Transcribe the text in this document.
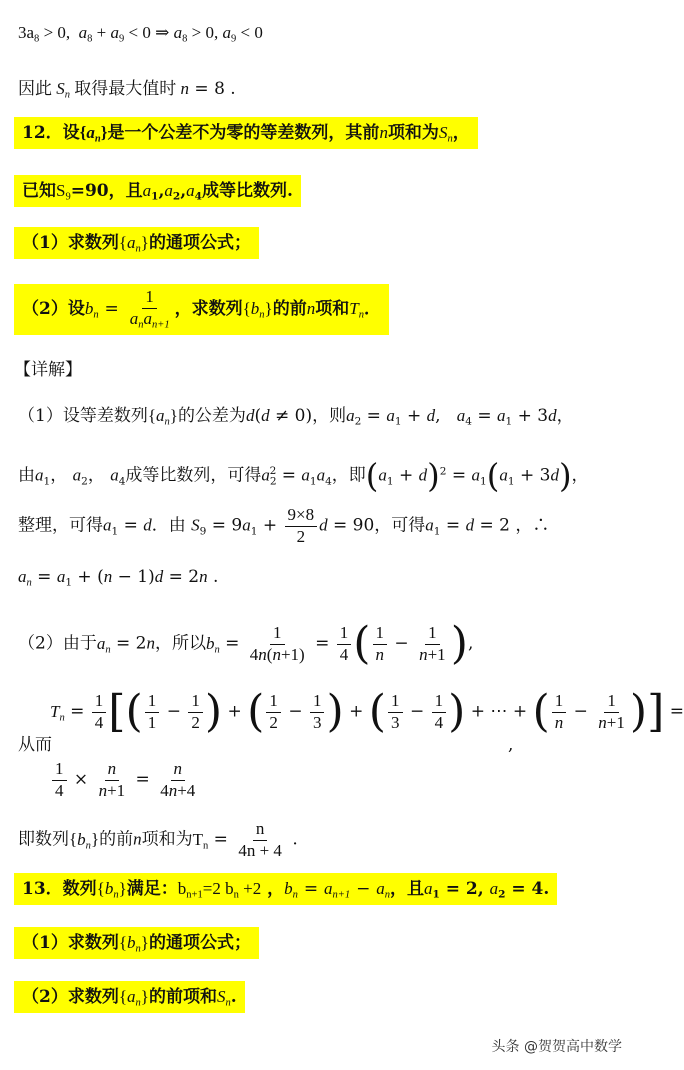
$3a_8 > 0$,  $a_8 + a_9 < 0$ ⇒ $a_8 > 0$, $a_9 < 0$
因此 $S_n$ 取得最大值时 n = 8 .
12．设$\{a_n\}$是一个公差不为零的等差数列，其前n项和为$S_n$，
已知$S_9=90$，且$a_1,a_2,a_4$成等比数列.
（1）求数列$\{a_n\}$的通项公式；
（2）设$b_n = \frac{1}{a_na_{n+1}}$ ，求数列$\{b_n\}$的前n项和$T_n$．
【详解】
（1）设等差数列$\{a_n\}$的公差为d(d ≠ 0)，则$a_2 = a_1 + d$,   $a_4 = a_1 + 3d$，
由$a_1$， $a_2$， $a_4$成等比数列，可得$a_2^2 = a_1a_4$，即$(a_1 + d)^2 = a_1(a_1 + 3d)$，
整理，可得$a_1 = d$．由 $S_9 = 9a_1 + \frac{9\times 8}{2}$ d = 90，可得$a_1 = d = 2$ ，∴
$a_n = a_1 + (n - 1)d = 2n$ .
（2）由于$a_n = 2n$，所以$b_n = \frac{1}{4n(n+1)} = \frac{1}{4}$ ( $\frac{1}{n} - \frac{1}{n+1}$ ),
$T_n = \frac{1}{4}$ [( $\frac{1}{1} - \frac{1}{2}$ ) + ( $\frac{1}{2} - \frac{1}{3}$ ) + ( $\frac{1}{3} - \frac{1}{4}$ ) + ⋯ + ( $\frac{1}{n} - \frac{1}{n+1}$ )] =
从而	,
$\frac{1}{4} \times \frac{n}{n+1} = \frac{n}{4n+4}$
即数列$\{b_n\}$的前n项和为$T_n = \frac{n}{4n + 4}$ .
13．数列$\{b_n\}$满足：$b_{n+1}=2$ $b_n +2$ ，$b_n = a_{n+1} - a_n$，且$a_1 = 2$, $a_2 = 4$.
（1）求数列$\{b_n\}$的通项公式；
（2）求数列$\{a_n\}$的前项和$S_n$.
头条 @贺贺高中数学
